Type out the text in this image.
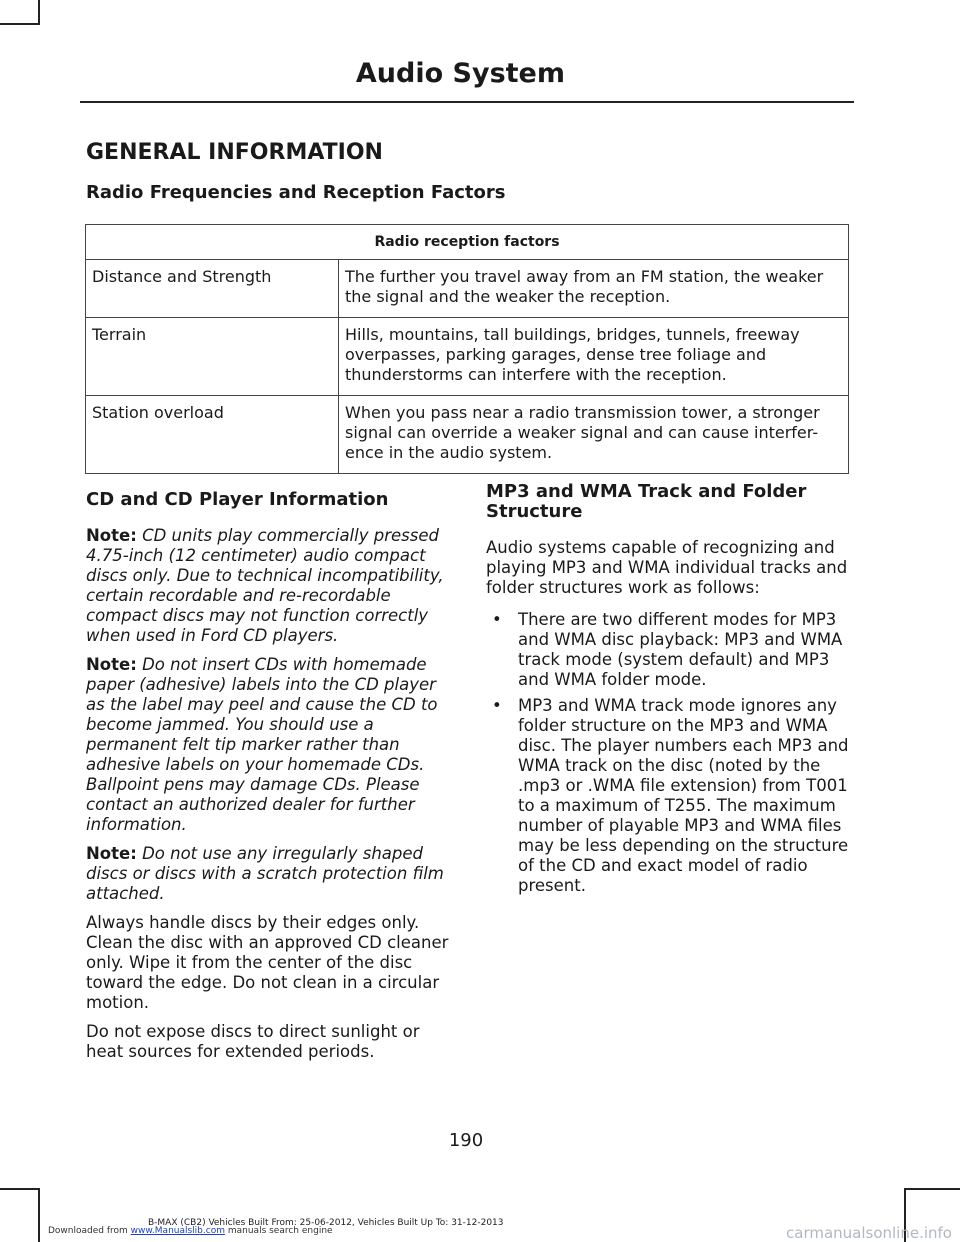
Audio System
GENERAL INFORMATION
Radio Frequencies and Reception Factors
Radio reception factors	
Distance and Strength	The further you travel away from an FM station, the weaker the signal and the weaker the reception.
Terrain	Hills, mountains, tall buildings, bridges, tunnels, freeway overpasses, parking garages, dense tree foliage and thunderstorms can interfere with the reception.
Station overload	When you pass near a radio transmission tower, a stronger signal can override a weaker signal and can cause interfer-ence in the audio system.
CD and CD Player Information

Note: CD units play commercially pressed 4.75-inch (12 centimeter) audio compact discs only. Due to technical incompatibility, certain recordable and re-recordable compact discs may not function correctly when used in Ford CD players.

Note: Do not insert CDs with homemade paper (adhesive) labels into the CD player as the label may peel and cause the CD to become jammed. You should use a permanent felt tip marker rather than adhesive labels on your homemade CDs. Ballpoint pens may damage CDs. Please contact an authorized dealer for further information.

Note: Do not use any irregularly shaped discs or discs with a scratch protection film attached.

Always handle discs by their edges only. Clean the disc with an approved CD cleaner only. Wipe it from the center of the disc toward the edge. Do not clean in a circular motion.

Do not expose discs to direct sunlight or heat sources for extended periods.

MP3 and WMA Track and Folder Structure

Audio systems capable of recognizing and playing MP3 and WMA individual tracks and folder structures work as follows:

• There are two different modes for MP3 and WMA disc playback: MP3 and WMA track mode (system default) and MP3 and WMA folder mode.
• MP3 and WMA track mode ignores any folder structure on the MP3 and WMA disc. The player numbers each MP3 and WMA track on the disc (noted by the .mp3 or .WMA file extension) from T001 to a maximum of T255. The maximum number of playable MP3 and WMA files may be less depending on the structure of the CD and exact model of radio present.
190
B-MAX (CB2) Vehicles Built From: 25-06-2012, Vehicles Built Up To: 31-12-2013
Downloaded from www.Manualslib.com manuals search engine	carmanualsonline.info
